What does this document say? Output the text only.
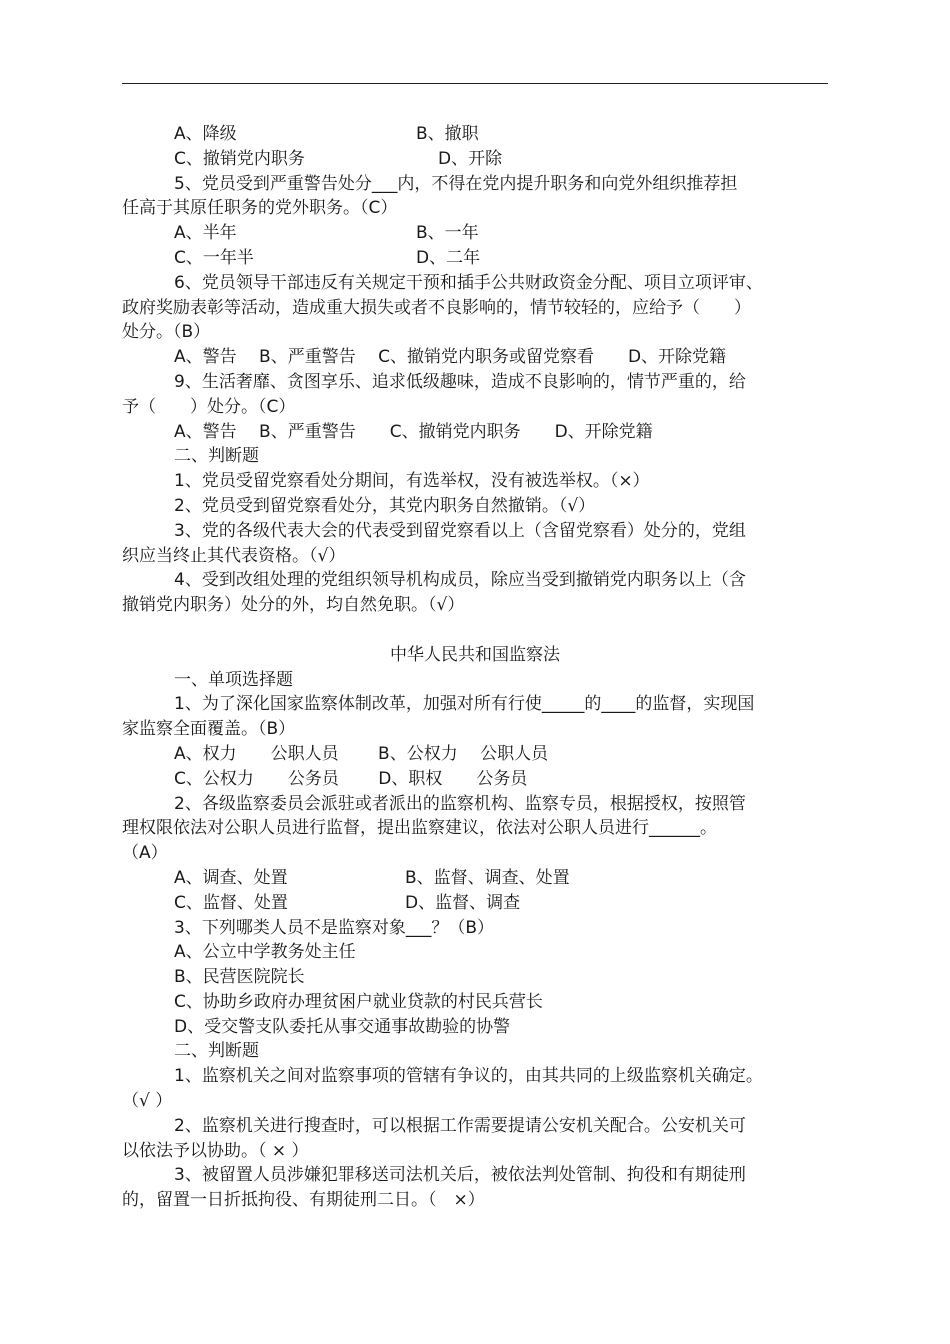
A、降级	B、撤职
C、撤销党内职务	D、开除
5、党员受到严重警告处分___内，不得在党内提升职务和向党外组织推荐担
任高于其原任职务的党外职务。（C）
A、半年	B、一年
C、一年半	D、二年
6、党员领导干部违反有关规定干预和插手公共财政资金分配、项目立项评审、
政府奖励表彰等活动，造成重大损失或者不良影响的，情节较轻的，应给予（　　）
处分。（B）
A、警告　 B、严重警告　 C、撤销党内职务或留党察看　　D、开除党籍
9、生活奢靡、贪图享乐、追求低级趣味，造成不良影响的，情节严重的，给
予（　　）处分。（C）
A、警告　 B、严重警告　　C、撤销党内职务　　D、开除党籍
二、判断题
1、党员受留党察看处分期间，有选举权，没有被选举权。（×）
2、党员受到留党察看处分，其党内职务自然撤销。（√）
3、党的各级代表大会的代表受到留党察看以上（含留党察看）处分的，党组
织应当终止其代表资格。（√）
4、受到改组处理的党组织领导机构成员，除应当受到撤销党内职务以上（含
撤销党内职务）处分的外，均自然免职。（√）
中华人民共和国监察法
一、单项选择题
1、为了深化国家监察体制改革，加强对所有行使_____的____的监督，实现国
家监察全面覆盖。（B）
A、权力　　公职人员　　 B、公权力　 公职人员
C、公权力　　公务员　　 D、职权　　公务员
2、各级监察委员会派驻或者派出的监察机构、监察专员，根据授权，按照管
理权限依法对公职人员进行监督，提出监察建议，依法对公职人员进行______。
（A）
A、调查、处置	B、监督、调查、处置
C、监督、处置	D、监督、调查
3、下列哪类人员不是监察对象___？（B）
A、公立中学教务处主任
B、民营医院院长
C、协助乡政府办理贫困户就业贷款的村民兵营长
D、受交警支队委托从事交通事故勘验的协警
二、判断题
1、监察机关之间对监察事项的管辖有争议的，由其共同的上级监察机关确定。
（√ ）
2、监察机关进行搜查时，可以根据工作需要提请公安机关配合。公安机关可
以依法予以协助。（ × ）
3、被留置人员涉嫌犯罪移送司法机关后，被依法判处管制、拘役和有期徒刑
的，留置一日折抵拘役、有期徒刑二日。（　×）
